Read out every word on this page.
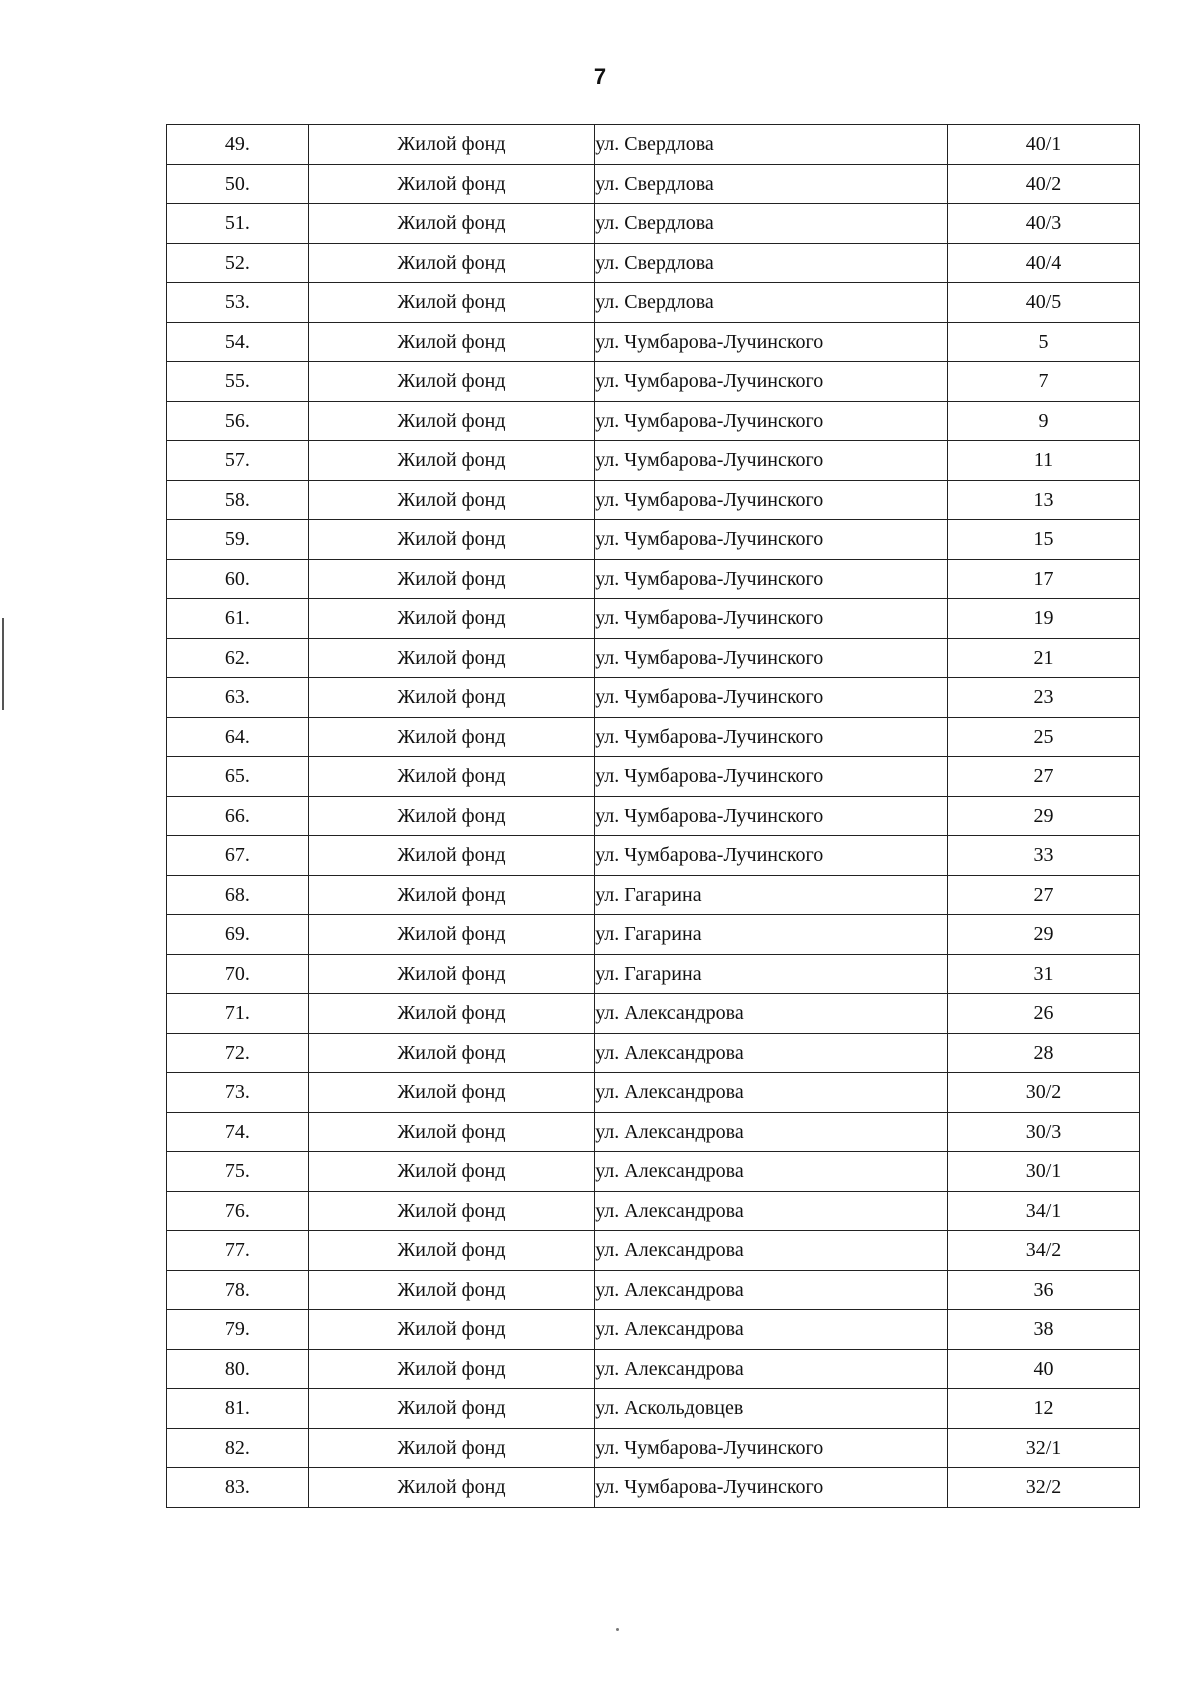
7
49.	Жилой фонд	ул. Свердлова	40/1
50.	Жилой фонд	ул. Свердлова	40/2
51.	Жилой фонд	ул. Свердлова	40/3
52.	Жилой фонд	ул. Свердлова	40/4
53.	Жилой фонд	ул. Свердлова	40/5
54.	Жилой фонд	ул. Чумбарова-Лучинского	5
55.	Жилой фонд	ул. Чумбарова-Лучинского	7
56.	Жилой фонд	ул. Чумбарова-Лучинского	9
57.	Жилой фонд	ул. Чумбарова-Лучинского	11
58.	Жилой фонд	ул. Чумбарова-Лучинского	13
59.	Жилой фонд	ул. Чумбарова-Лучинского	15
60.	Жилой фонд	ул. Чумбарова-Лучинского	17
61.	Жилой фонд	ул. Чумбарова-Лучинского	19
62.	Жилой фонд	ул. Чумбарова-Лучинского	21
63.	Жилой фонд	ул. Чумбарова-Лучинского	23
64.	Жилой фонд	ул. Чумбарова-Лучинского	25
65.	Жилой фонд	ул. Чумбарова-Лучинского	27
66.	Жилой фонд	ул. Чумбарова-Лучинского	29
67.	Жилой фонд	ул. Чумбарова-Лучинского	33
68.	Жилой фонд	ул. Гагарина	27
69.	Жилой фонд	ул. Гагарина	29
70.	Жилой фонд	ул. Гагарина	31
71.	Жилой фонд	ул. Александрова	26
72.	Жилой фонд	ул. Александрова	28
73.	Жилой фонд	ул. Александрова	30/2
74.	Жилой фонд	ул. Александрова	30/3
75.	Жилой фонд	ул. Александрова	30/1
76.	Жилой фонд	ул. Александрова	34/1
77.	Жилой фонд	ул. Александрова	34/2
78.	Жилой фонд	ул. Александрова	36
79.	Жилой фонд	ул. Александрова	38
80.	Жилой фонд	ул. Александрова	40
81.	Жилой фонд	ул. Аскольдовцев	12
82.	Жилой фонд	ул. Чумбарова-Лучинского	32/1
83.	Жилой фонд	ул. Чумбарова-Лучинского	32/2
